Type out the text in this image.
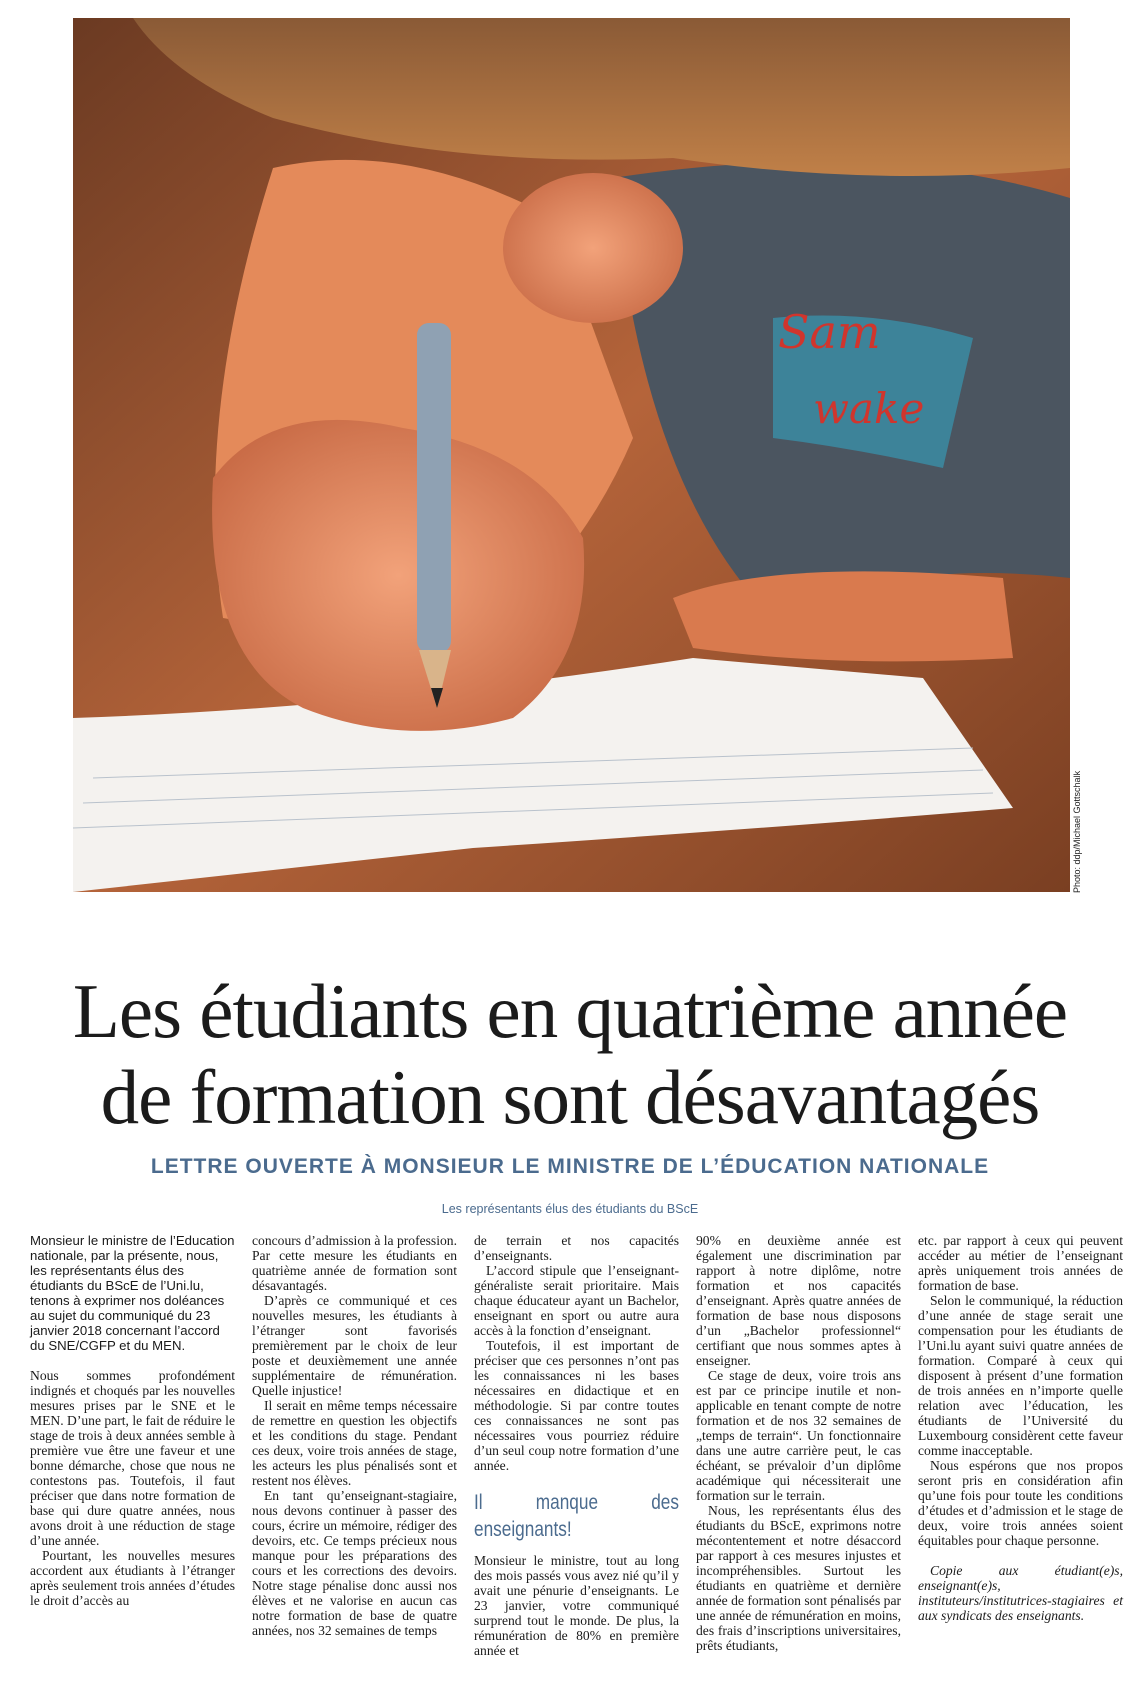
Sam
wake
Photo: ddp/Michael Gottschalk
Les étudiants en quatrième année
de formation sont désavantagés
LETTRE OUVERTE À MONSIEUR LE MINISTRE DE L’ÉDUCATION NATIONALE
Les représentants élus des étudiants du BScE

Monsieur le ministre de l’Education nationale, par la présente, nous, les représentants élus des étudiants du BScE de l’Uni.lu, tenons à exprimer nos doléances au sujet du communiqué du 23 janvier 2018 concernant l’accord du SNE/CGFP et du MEN.

Nous sommes profondément indignés et choqués par les nouvelles mesures prises par le SNE et le MEN. D’une part, le fait de réduire le stage de trois à deux années semble à première vue être une faveur et une bonne démarche, chose que nous ne contestons pas. Toutefois, il faut préciser que dans notre formation de base qui dure quatre années, nous avons droit à une réduction de stage d’une année.

Pourtant, les nouvelles mesures accordent aux étudiants à l’étranger après seulement trois années d’études le droit d’accès au

concours d’admission à la profession. Par cette mesure les étudiants en quatrième année de formation sont désavantagés.

D’après ce communiqué et ces nouvelles mesures, les étudiants à l’étranger sont favorisés premièrement par le choix de leur poste et deuxièmement une année supplémentaire de rémunération. Quelle injustice!

Il serait en même temps nécessaire de remettre en question les objectifs et les conditions du stage. Pendant ces deux, voire trois années de stage, les acteurs les plus pénalisés sont et restent nos élèves.

En tant qu’enseignant-stagiaire, nous devons continuer à passer des cours, écrire un mémoire, rédiger des devoirs, etc. Ce temps précieux nous manque pour les préparations des cours et les corrections des devoirs. Notre stage pénalise donc aussi nos élèves et ne valorise en aucun cas notre formation de base de quatre années, nos 32 semaines de temps

de terrain et nos capacités d’enseignants.

L’accord stipule que l’enseignant-généraliste serait prioritaire. Mais chaque éducateur ayant un Bachelor, enseignant en sport ou autre aura accès à la fonction d’enseignant.

Toutefois, il est important de préciser que ces personnes n’ont pas les connaissances ni les bases nécessaires en didactique et en méthodologie. Si par contre toutes ces connaissances ne sont pas nécessaires vous pourriez réduire d’un seul coup notre formation d’une année.

Il manque des enseignants!

Monsieur le ministre, tout au long des mois passés vous avez nié qu’il y avait une pénurie d’enseignants. Le 23 janvier, votre communiqué surprend tout le monde. De plus, la rémunération de 80% en première année et

90% en deuxième année est également une discrimination par rapport à notre diplôme, notre formation et nos capacités d’enseignant. Après quatre années de formation de base nous disposons d’un „Bachelor professionnel“ certifiant que nous sommes aptes à enseigner.

Ce stage de deux, voire trois ans est par ce principe inutile et non-applicable en tenant compte de notre formation et de nos 32 semaines de „temps de terrain“. Un fonctionnaire dans une autre carrière peut, le cas échéant, se prévaloir d’un diplôme académique qui nécessiterait une formation sur le terrain.

Nous, les représentants élus des étudiants du BScE, exprimons notre mécontentement et notre désaccord par rapport à ces mesures injustes et incompréhensibles. Surtout les étudiants en quatrième et dernière année de formation sont pénalisés par une année de rémunération en moins, des frais d’inscriptions universitaires, prêts étudiants,

etc. par rapport à ceux qui peuvent accéder au métier de l’enseignant après uniquement trois années de formation de base.

Selon le communiqué, la réduction d’une année de stage serait une compensation pour les étudiants de l’Uni.lu ayant suivi quatre années de formation. Comparé à ceux qui disposent à présent d’une formation de trois années en n’importe quelle relation avec l’éducation, les étudiants de l’Université du Luxembourg considèrent cette faveur comme inacceptable.

Nous espérons que nos propos seront pris en considération afin qu’une fois pour toute les conditions d’études et d’admission et le stage de deux, voire trois années soient équitables pour chaque personne.

Copie aux étudiant(e)s, enseignant(e)s, instituteurs/institutrices-stagiaires et aux syndicats des enseignants.
